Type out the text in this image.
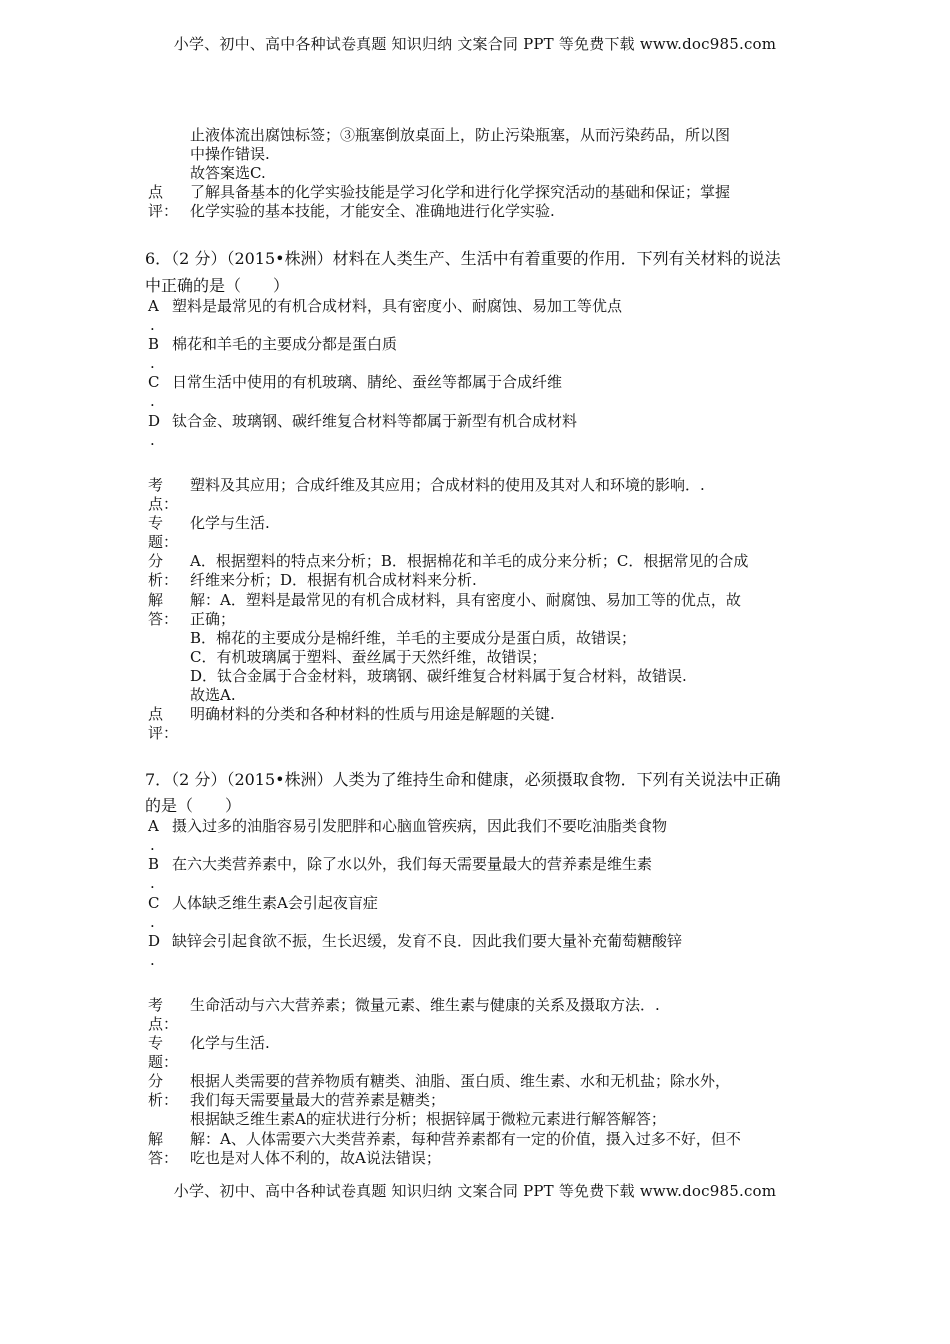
小学、初中、高中各种试卷真题 知识归纳 文案合同 PPT 等免费下载 www.doc985.com
止液体流出腐蚀标签；③瓶塞倒放桌面上，防止污染瓶塞，从而污染药品，所以图
中操作错误.
故答案选C.
点
评：
了解具备基本的化学实验技能是学习化学和进行化学探究活动的基础和保证；掌握
化学实验的基本技能，才能安全、准确地进行化学实验.
6．（2 分）（2015•株洲）材料在人类生产、生活中有着重要的作用．下列有关材料的说法
中正确的是（　　）
A
.
塑料是最常见的有机合成材料，具有密度小、耐腐蚀、易加工等优点
B
.
棉花和羊毛的主要成分都是蛋白质
C
.
日常生活中使用的有机玻璃、腈纶、蚕丝等都属于合成纤维
D
.
钛合金、玻璃钢、碳纤维复合材料等都属于新型有机合成材料
考
点：
塑料及其应用；合成纤维及其应用；合成材料的使用及其对人和环境的影响．.
专
题：
化学与生活.
分
析：
A．根据塑料的特点来分析；B．根据棉花和羊毛的成分来分析；C．根据常见的合成
纤维来分析；D．根据有机合成材料来分析.
解
答：
解：A．塑料是最常见的有机合成材料，具有密度小、耐腐蚀、易加工等的优点，故
正确；
B．棉花的主要成分是棉纤维，羊毛的主要成分是蛋白质，故错误；
C．有机玻璃属于塑料、蚕丝属于天然纤维，故错误；
D．钛合金属于合金材料，玻璃钢、碳纤维复合材料属于复合材料，故错误.
故选A.
点
评：
明确材料的分类和各种材料的性质与用途是解题的关键.
7．（2 分）（2015•株洲）人类为了维持生命和健康，必须摄取食物．下列有关说法中正确
的是（　　）
A
.
摄入过多的油脂容易引发肥胖和心脑血管疾病，因此我们不要吃油脂类食物
B
.
在六大类营养素中，除了水以外，我们每天需要量最大的营养素是维生素
C
.
人体缺乏维生素A会引起夜盲症
D
.
缺锌会引起食欲不振，生长迟缓，发育不良．因此我们要大量补充葡萄糖酸锌
考
点：
生命活动与六大营养素；微量元素、维生素与健康的关系及摄取方法．.
专
题：
化学与生活.
分
析：
根据人类需要的营养物质有糖类、油脂、蛋白质、维生素、水和无机盐；除水外，
我们每天需要量最大的营养素是糖类；
根据缺乏维生素A的症状进行分析；根据锌属于微粒元素进行解答解答；
解
答：
解：A、人体需要六大类营养素，每种营养素都有一定的价值，摄入过多不好，但不
吃也是对人体不利的，故A说法错误；
小学、初中、高中各种试卷真题 知识归纳 文案合同 PPT 等免费下载 www.doc985.com
